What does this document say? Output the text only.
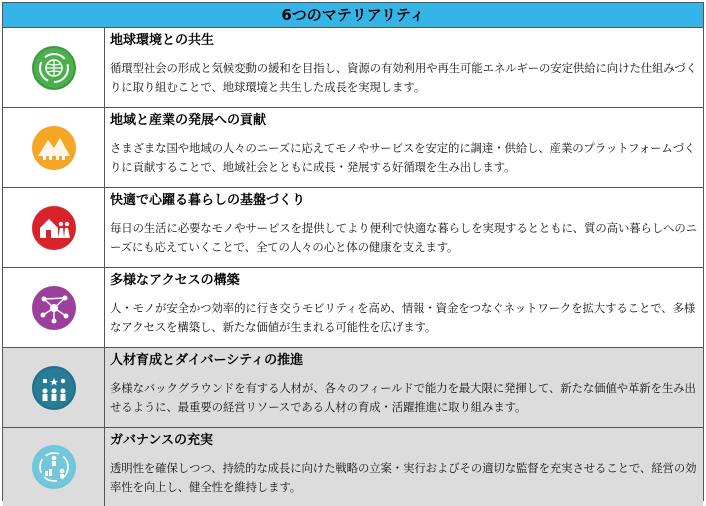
6つのマテリアリティ
地球環境との共生
循環型社会の形成と気候変動の緩和を目指し、資源の有効利用や再生可能エネルギーの安定供給に向けた仕組みづくりに取り組むことで、地球環境と共生した成長を実現します。
地域と産業の発展への貢献
さまざまな国や地域の人々のニーズに応えてモノやサービスを安定的に調達・供給し、産業のプラットフォームづくりに貢献することで、地域社会とともに成長・発展する好循環を生み出します。
快適で心躍る暮らしの基盤づくり
毎日の生活に必要なモノやサービスを提供してより便利で快適な暮らしを実現するとともに、質の高い暮らしへのニーズにも応えていくことで、全ての人々の心と体の健康を支えます。
多様なアクセスの構築
人・モノが安全かつ効率的に行き交うモビリティを高め、情報・資金をつなぐネットワークを拡大することで、多様なアクセスを構築し、新たな価値が生まれる可能性を広げます。
人材育成とダイバーシティの推進
多様なバックグラウンドを有する人材が、各々のフィールドで能力を最大限に発揮して、新たな価値や革新を生み出せるように、最重要の経営リソースである人材の育成・活躍推進に取り組みます。
ガバナンスの充実
透明性を確保しつつ、持続的な成長に向けた戦略の立案・実行およびその適切な監督を充実させることで、経営の効率性を向上し、健全性を維持します。
